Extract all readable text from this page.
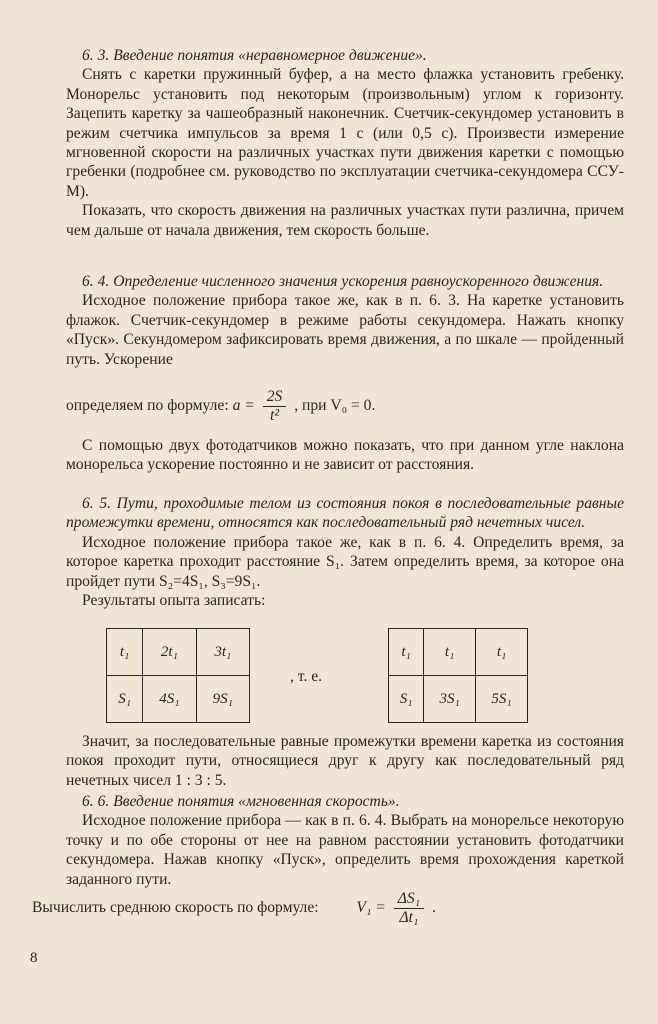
6. 3. Введение понятия «неравномерное движение».
Снять с каретки пружинный буфер, а на место флажка установить гребенку. Монорельс установить под некоторым (произвольным) углом к горизонту. Зацепить каретку за чашеобразный наконечник. Счетчик-секундомер установить в режим счетчика импульсов за время 1 с (или 0,5 с). Произвести измерение мгновенной скорости на различных участках пути движения каретки с помощью гребенки (подробнее см. руководство по эксплуатации счетчика-секундомера ССУ-М).
Показать, что скорость движения на различных участках пути различна, причем чем дальше от начала движения, тем скорость больше.
6. 4. Определение численного значения ускорения равноускоренного движения.
Исходное положение прибора такое же, как в п. 6. 3. На каретке установить флажок. Счетчик-секундомер в режиме работы секундомера. Нажать кнопку «Пуск». Секундомером зафиксировать время движения, а по шкале — пройденный путь. Ускорение
определяем по формуле: $a = \frac{2S}{\text{t²}}$ , при V₀ = 0.
С помощью двух фотодатчиков можно показать, что при данном угле наклона монорельса ускорение постоянно и не зависит от расстояния.
6. 5. Пути, проходимые телом из состояния покоя в последовательные равные промежутки времени, относятся как последовательный ряд нечетных чисел.
Исходное положение прибора такое же, как в п. 6. 4. Определить время, за которое каретка проходит расстояние S₁. Затем определить время, за которое она пройдет пути S₂=4S₁, S₃=9S₁.
Результаты опыта записать:
t₁	2t₁	3t₁
S₁	4S₁	9S₁
, т. е.
t₁	t₁	t₁
S₁	3S₁	5S₁
Значит, за последовательные равные промежутки времени каретка из состояния покоя проходит пути, относящиеся друг к другу как последовательный ряд нечетных чисел 1 : 3 : 5.
6. 6. Введение понятия «мгновенная скорость».
Исходное положение прибора — как в п. 6. 4. Выбрать на монорельсе некоторую точку и по обе стороны от нее на равном расстоянии установить фотодатчики секундомера. Нажав кнопку «Пуск», определить время прохождения кареткой заданного пути.
Вычислить среднюю скорость по формуле: $V_1 = \frac{\text{ΔS₁}}{\text{Δt₁}}$ .
8
